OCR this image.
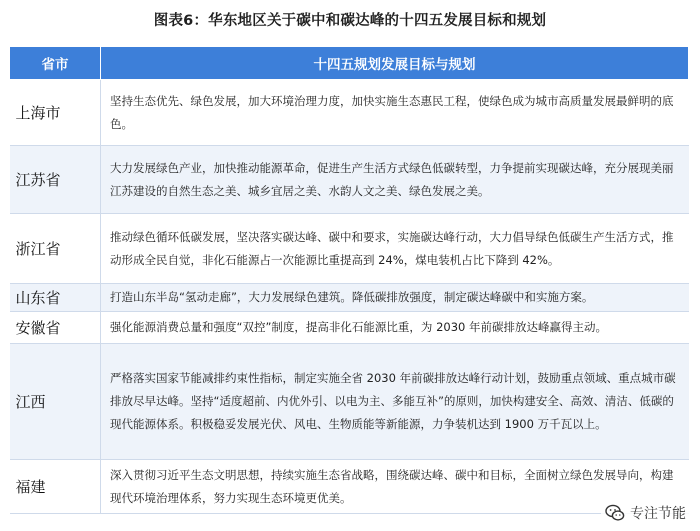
图表6：华东地区关于碳中和碳达峰的十四五发展目标和规划
省市	十四五规划发展目标与规划
上海市	坚持生态优先、绿色发展，加大环境治理力度，加快实施生态惠民工程，使绿色成为城市高质量发展最鲜明的底色。
江苏省	大力发展绿色产业，加快推动能源革命，促进生产生活方式绿色低碳转型，力争提前实现碳达峰，充分展现美丽江苏建设的自然生态之美、城乡宜居之美、水韵人文之美、绿色发展之美。
浙江省	推动绿色循环低碳发展，坚决落实碳达峰、碳中和要求，实施碳达峰行动，大力倡导绿色低碳生产生活方式，推动形成全民自觉，非化石能源占一次能源比重提高到 24%，煤电装机占比下降到 42%。
山东省	打造山东半岛“氢动走廊”，大力发展绿色建筑。降低碳排放强度，制定碳达峰碳中和实施方案。
安徽省	强化能源消费总量和强度“双控”制度，提高非化石能源比重，为 2030 年前碳排放达峰赢得主动。
江西	严格落实国家节能减排约束性指标，制定实施全省 2030 年前碳排放达峰行动计划，鼓励重点领域、重点城市碳排放尽早达峰。坚持“适度超前、内优外引、以电为主、多能互补”的原则，加快构建安全、高效、清洁、低碳的现代能源体系。积极稳妥发展光伏、风电、生物质能等新能源，力争装机达到 1900 万千瓦以上。
福建	深入贯彻习近平生态文明思想，持续实施生态省战略，围绕碳达峰、碳中和目标，全面树立绿色发展导向，构建现代环境治理体系，努力实现生态环境更优美。
专注节能
